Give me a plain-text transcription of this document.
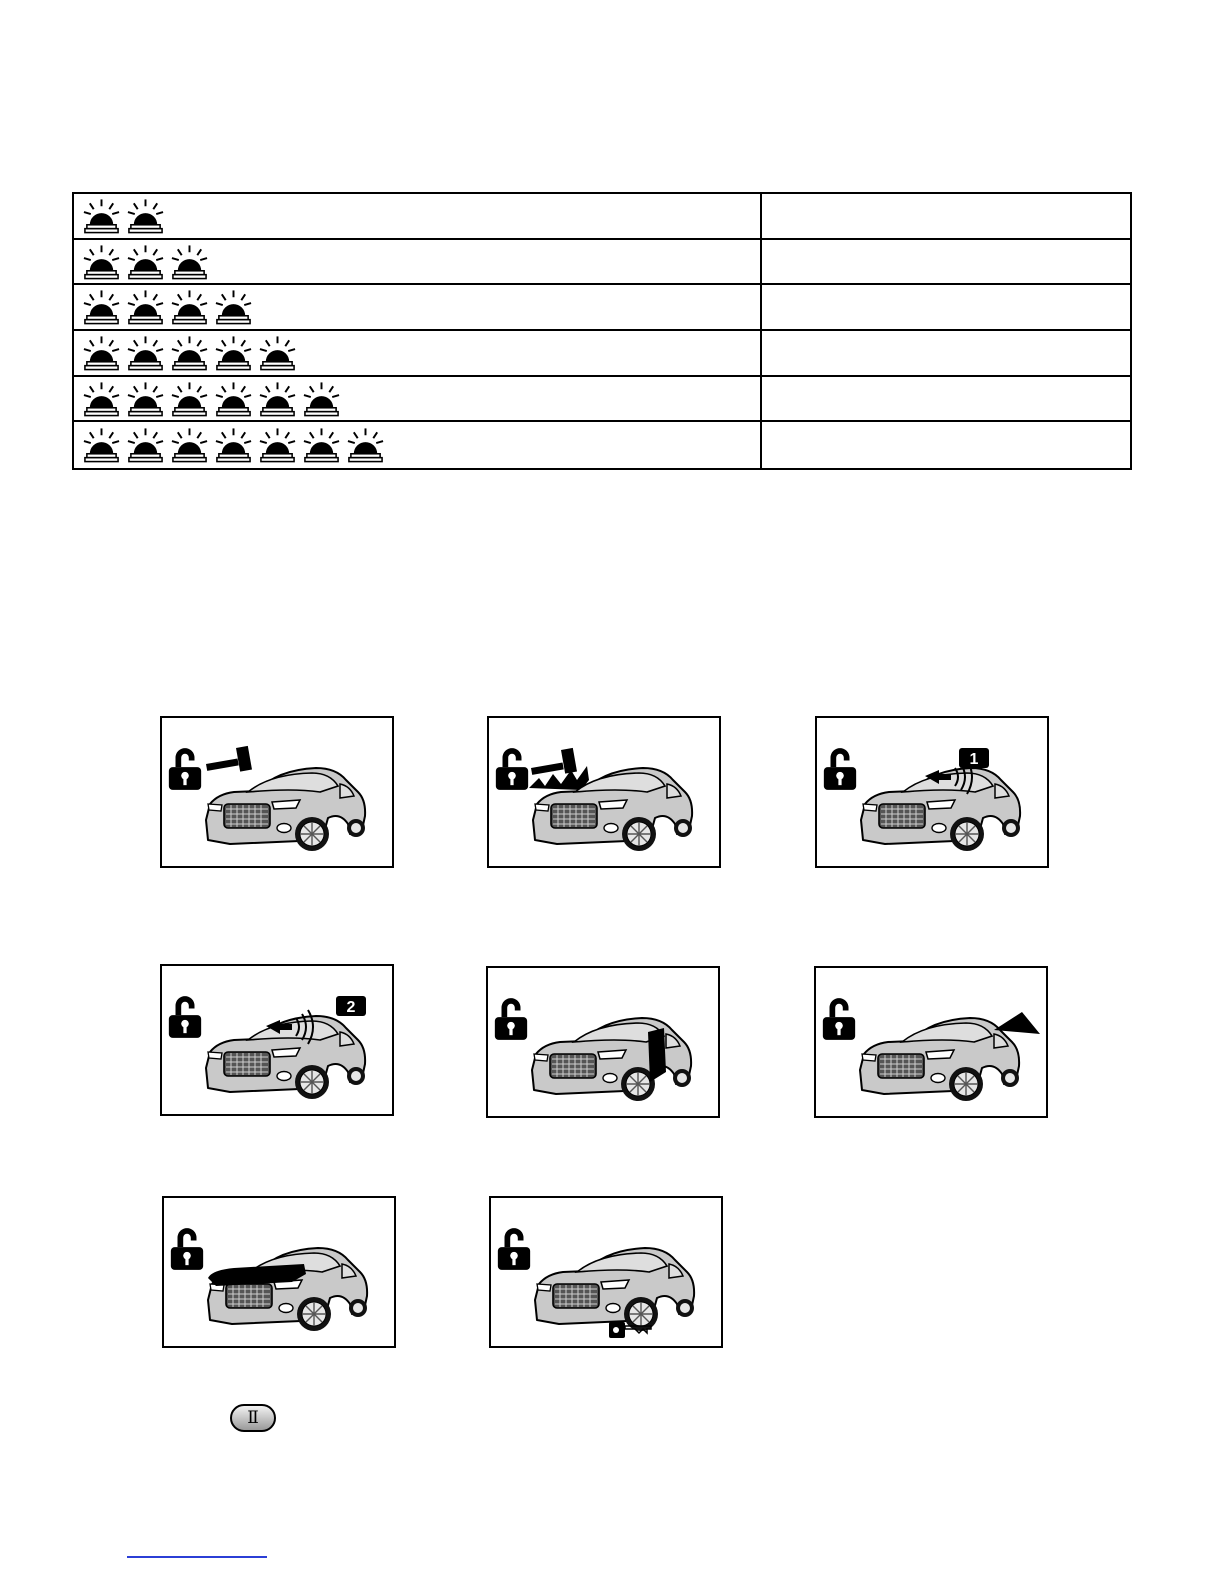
1
2
Ⅱ
